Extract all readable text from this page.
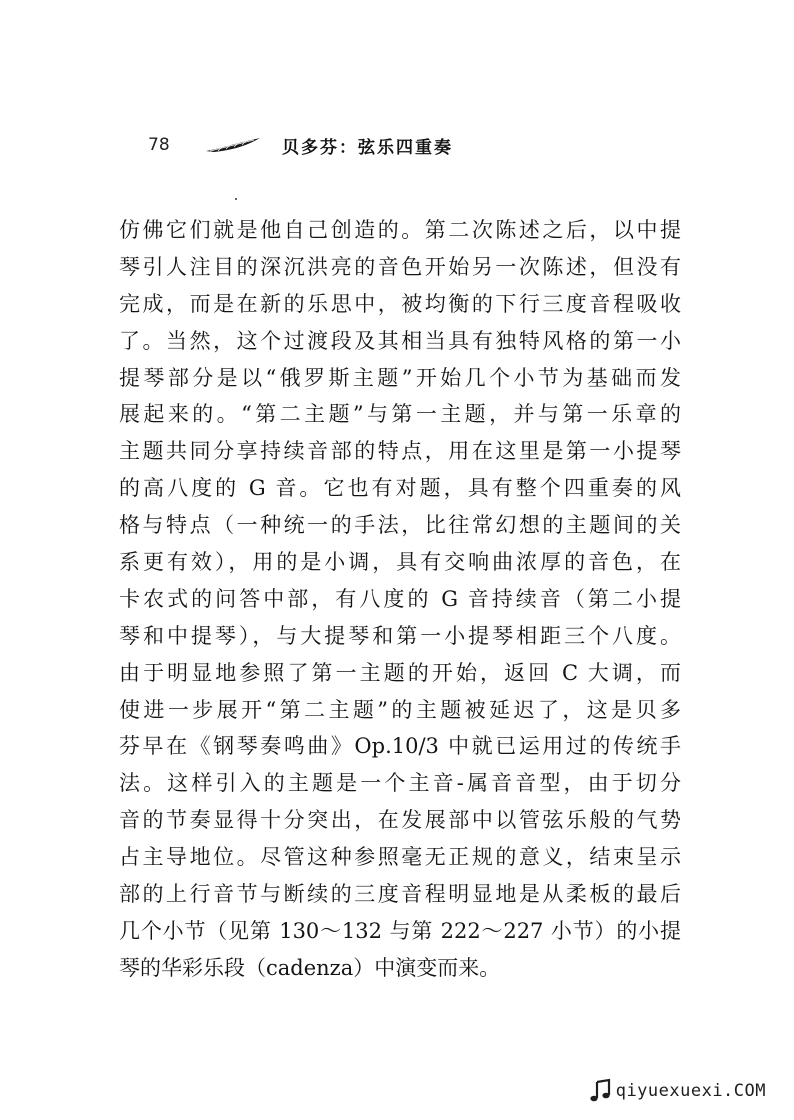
78	贝多芬：弦乐四重奏
仿佛它们就是他自己创造的。第二次陈述之后，以中提
琴引人注目的深沉洪亮的音色开始另一次陈述，但没有
完成，而是在新的乐思中，被均衡的下行三度音程吸收
了。当然，这个过渡段及其相当具有独特风格的第一小
提琴部分是以“俄罗斯主题”开始几个小节为基础而发
展起来的。“第二主题”与第一主题，并与第一乐章的
主题共同分享持续音部的特点，用在这里是第一小提琴
的高八度的 G 音。它也有对题，具有整个四重奏的风
格与特点（一种统一的手法，比往常幻想的主题间的关
系更有效），用的是小调，具有交响曲浓厚的音色，在
卡农式的问答中部，有八度的 G 音持续音（第二小提
琴和中提琴），与大提琴和第一小提琴相距三个八度。
由于明显地参照了第一主题的开始，返回 C 大调，而
使进一步展开“第二主题”的主题被延迟了，这是贝多
芬早在《钢琴奏鸣曲》Op.10/3 中就已运用过的传统手
法。这样引入的主题是一个主音-属音音型，由于切分
音的节奏显得十分突出，在发展部中以管弦乐般的气势
占主导地位。尽管这种参照毫无正规的意义，结束呈示
部的上行音节与断续的三度音程明显地是从柔板的最后
几个小节（见第 130～132 与第 222～227 小节）的小提
琴的华彩乐段（cadenza）中演变而来。
qiyuexuexi.COM
